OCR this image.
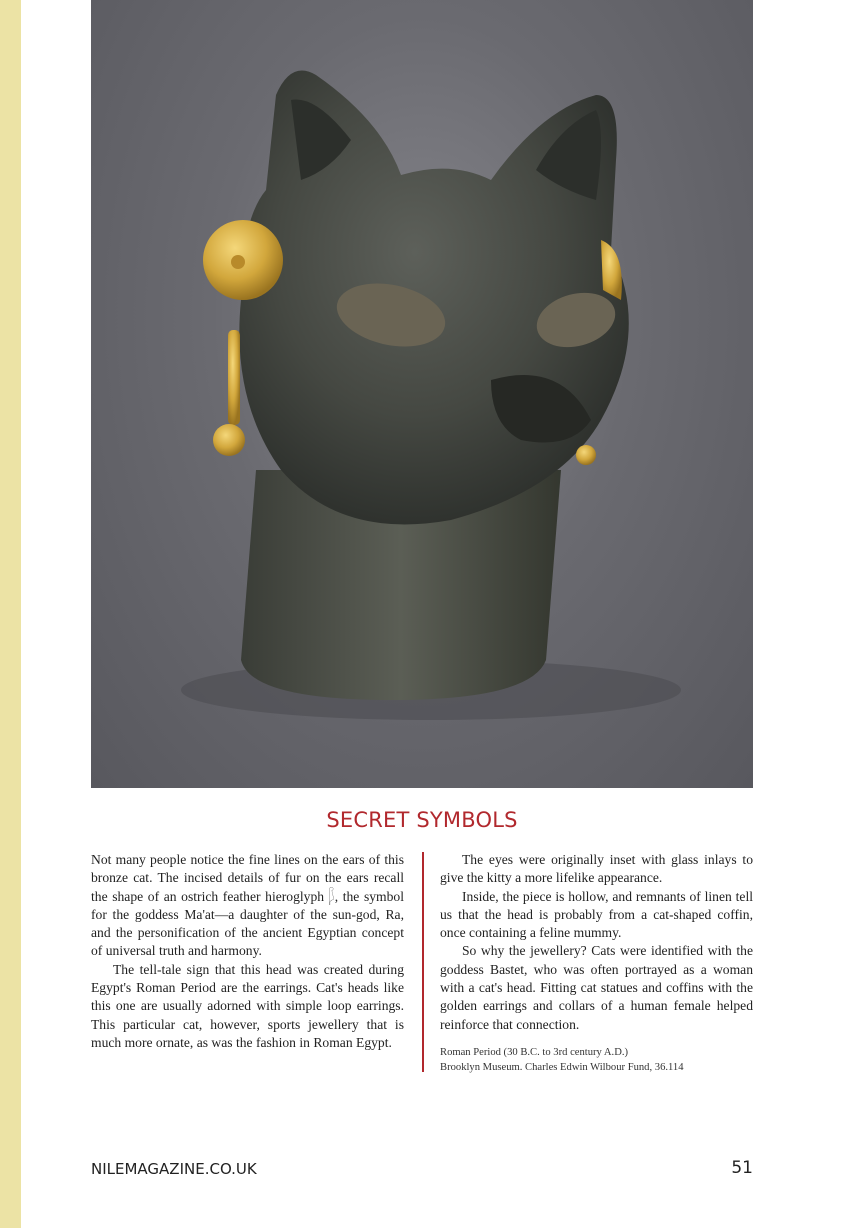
SECRET SYMBOLS

Not many people notice the fine lines on the ears of this bronze cat. The incised details of fur on the ears recall the shape of an ostrich feather hieroglyph 𓆄, the symbol for the goddess Ma'at—a daughter of the sun-god, Ra, and the personification of the ancient Egyptian concept of universal truth and harmony.

The tell-tale sign that this head was created during Egypt's Roman Period are the earrings. Cat's heads like this one are usually adorned with simple loop earrings. This particular cat, however, sports jewellery that is much more ornate, as was the fashion in Roman Egypt.

The eyes were originally inset with glass inlays to give the kitty a more lifelike appearance.

Inside, the piece is hollow, and remnants of linen tell us that the head is probably from a cat-shaped coffin, once containing a feline mummy.

So why the jewellery? Cats were identified with the goddess Bastet, who was often portrayed as a woman with a cat's head. Fitting cat statues and coffins with the golden earrings and collars of a human female helped reinforce that connection.

Roman Period (30 B.C. to 3rd century A.D.)
Brooklyn Museum. Charles Edwin Wilbour Fund, 36.114
NILEMAGAZINE.CO.UK	51
